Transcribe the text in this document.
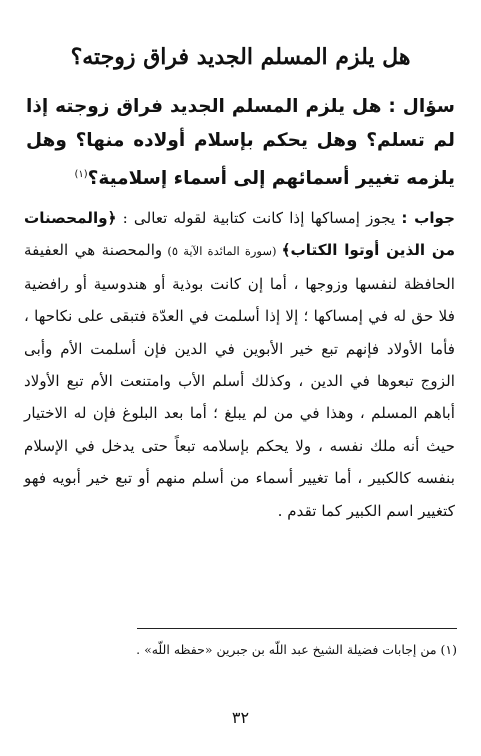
هل يلزم المسلم الجديد فراق زوجته؟
سؤال : هل يلزم المسلم الجديد فراق زوجته إذا لم تسلم؟ وهل يحكم بإسلام أولاده منها؟ وهل يلزمه تغيير أسمائهم إلى أسماء إسلامية؟$^{(١)}$
جواب : يجوز إمساكها إذا كانت كتابية لقوله تعالى : ﴿والمحصنات من الذين أوتوا الكتاب﴾ (سورة المائدة الآية ٥) والمحصنة هي العفيفة الحافظة لنفسها وزوجها ، أما إن كانت بوذية أو هندوسية أو رافضية فلا حق له في إمساكها ؛ إلا إذا أسلمت في العدّة فتبقى على نكاحها ، فأما الأولاد فإنهم تبع خير الأبوين في الدين فإن أسلمت الأم وأبى الزوج تبعوها في الدين ، وكذلك أسلم الأب وامتنعت الأم تبع الأولاد أباهم المسلم ، وهذا في من لم يبلغ ؛ أما بعد البلوغ فإن له الاختيار حيث أنه ملك نفسه ، ولا يحكم بإسلامه تبعاً حتى يدخل في الإسلام بنفسه كالكبير ، أما تغيير أسماء من أسلم منهم أو تبع خير أبويه فهو كتغيير اسم الكبير كما تقدم .
(١) من إجابات فضيلة الشيخ عبد اللّه بن جبرين «حفظه اللّه» .
٣٢
